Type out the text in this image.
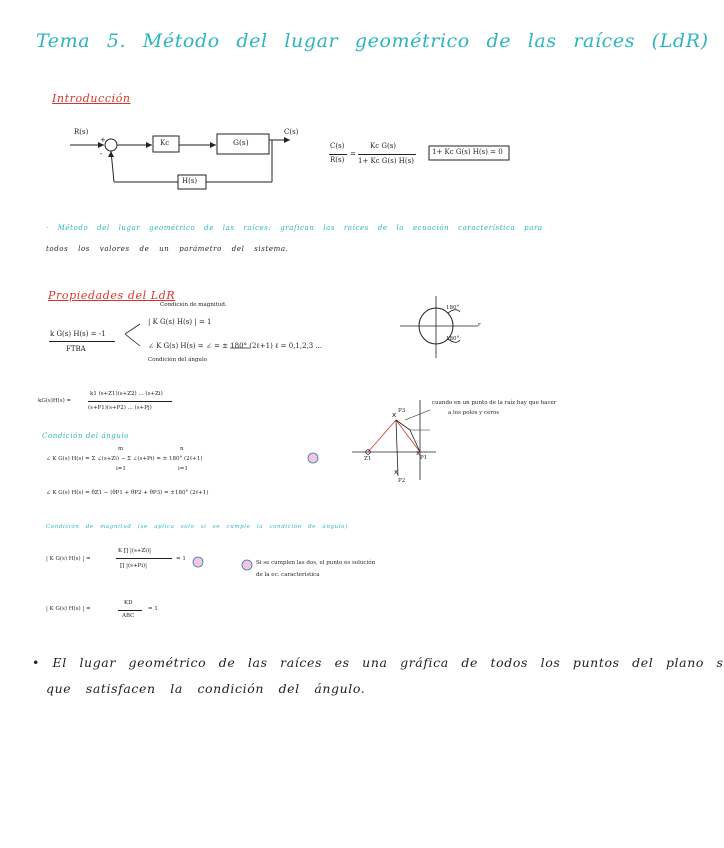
Tema 5. Método del lugar geométrico de las raíces (LdR)
Introducción
x
x
x
R(s)
+
-
Kc	G(s)
C(s)
H(s)
C(s)
R(s)
=
Kc G(s)
1+ Kc G(s) H(s)
1+ Kc G(s) H(s) = 0
· Método del lugar geométrico de las raíces: grafican las raíces de la ecuación característica para
todos los valores de un parámetro del sistema.
Propiedades del LdR
Condición de magnitud.
k G(s) H(s) = -1
FTBA
| K G(s) H(s) | = 1
∠ K G(s) H(s) = ∠ = ± 180° (2ℓ+1) ℓ = 0,1,2,3 ...
Condición del ángulo
180°
180°
r
kG(s)H(s) =
k1 (s+Z1)(s+Z2) ... (s+Zi)
(s+P1)(s+P2) ... (s+Pj)
Condición del ángulo
∠ K G(s) H(s) = Σ ∠(s+Zi) − Σ ∠(s+Pi) = ± 180° (2ℓ+1)
m
i=1
n
i=1
∠ K G(s) H(s) = θZ1 − (θP1 + θP2 + θP3) = ±180° (2ℓ+1)
cuando en un punto de la raíz hay que hacer
a los polos y ceros
P3
Z1	P1
P2
Condición de magnitud (se aplica solo si se cumple la condición de ángulo)
| K G(s) H(s) | =
K ∏ |(s+Zi)|
∏ |(s+Pi)|
= 1
Si se cumplen las dos, el punto es solución
de la ec. característica
| K G(s) H(s) | =
KD
ABC
= 1
• El lugar geométrico de las raíces es una gráfica de todos los puntos del plano s
que satisfacen la condición del ángulo.
